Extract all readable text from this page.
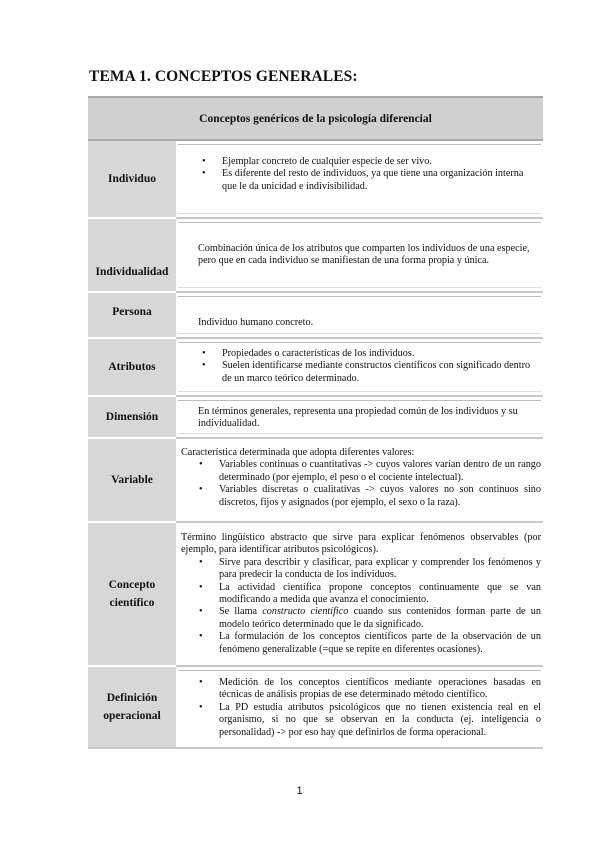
TEMA 1. CONCEPTOS GENERALES:
Conceptos genéricos de la psicología diferencial
Individuo
• Ejemplar concreto de cualquier especie de ser vivo.
• Es diferente del resto de individuos, ya que tiene una organización interna que le da unicidad e indivisibilidad.
Individualidad
Combinación única de los atributos que comparten los individuos de una especie, pero que en cada individuo se manifiestan de una forma propia y única.
Persona
Individuo humano concreto.
Atributos
• Propiedades o características de los individuos.
• Suelen identificarse mediante constructos científicos con significado dentro de un marco teórico determinado.
Dimensión	En términos generales, representa una propiedad común de los individuos y su individualidad.
Variable

Característica determinada que adopta diferentes valores:

• Variables continuas o cuantitativas -> cuyos valores varían dentro de un rango determinado (por ejemplo, el peso o el cociente intelectual).
• Variables discretas o cualitativas -> cuyos valores no son continuos sino discretos, fijos y asignados (por ejemplo, el sexo o la raza).
Concepto
científico

Término lingüístico abstracto que sirve para explicar fenómenos observables (por ejemplo, para identificar atributos psicológicos).

• Sirve para describir y clasificar, para explicar y comprender los fenómenos y para predecir la conducta de los individuos.
• La actividad científica propone conceptos continuamente que se van modificando a medida que avanza el conocimiento.
• Se llama constructo científico cuando sus contenidos forman parte de un modelo teórico determinado que le da significado.
• La formulación de los conceptos científicos parte de la observación de un fenómeno generalizable (=que se repite en diferentes ocasiones).
Definición
operacional
• Medición de los conceptos científicos mediante operaciones basadas en técnicas de análisis propias de ese determinado método científico.
• La PD estudia atributos psicológicos que no tienen existencia real en el organismo, si no que se observan en la conducta (ej. inteligencia o personalidad) -> por eso hay que definirlos de forma operacional.
1
